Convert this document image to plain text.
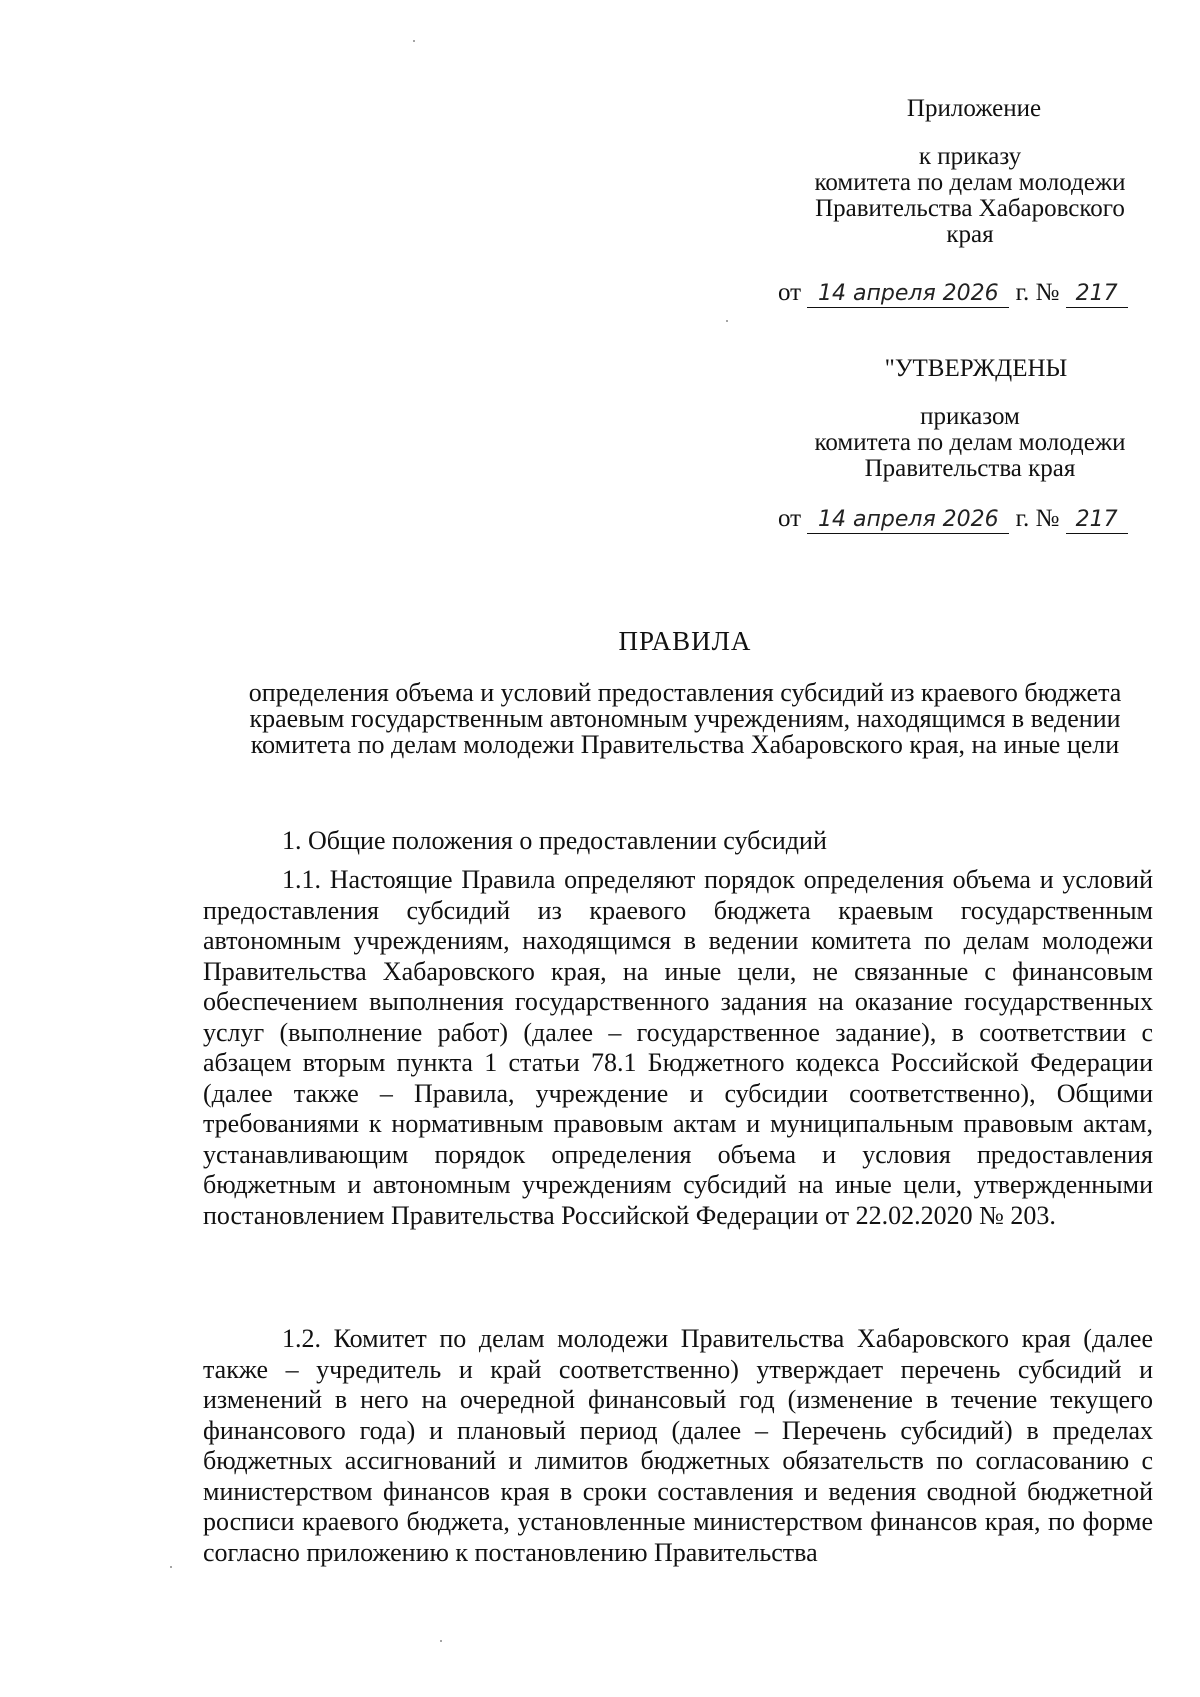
Приложение

к приказу

комитета по делам молодежи

Правительства Хабаровского

края

от 14 апреля 2026 г. № 217

"УТВЕРЖДЕНЫ

приказом

комитета по делам молодежи

Правительства края

от 14 апреля 2026 г. № 217
ПРАВИЛА

определения объема и условий предоставления субсидий из краевого бюджета краевым государственным автономным учреждениям, находящимся в ведении комитета по делам молодежи Правительства Хабаровского края, на иные цели

1. Общие положения о предоставлении субсидий

1.1. Настоящие Правила определяют порядок определения объема и условий предоставления субсидий из краевого бюджета краевым государственным автономным учреждениям, находящимся в ведении комитета по делам молодежи Правительства Хабаровского края, на иные цели, не связанные с финансовым обеспечением выполнения государственного задания на оказание государственных услуг (выполнение работ) (далее – государственное задание), в соответствии с абзацем вторым пункта 1 статьи 78.1 Бюджетного кодекса Российской Федерации (далее также – Правила, учреждение и субсидии соответственно), Общими требованиями к нормативным правовым актам и муниципальным правовым актам, устанавливающим порядок определения объема и условия предоставления бюджетным и автономным учреждениям субсидий на иные цели, утвержденными постановлением Правительства Российской Федерации от 22.02.2020 № 203.

1.2. Комитет по делам молодежи Правительства Хабаровского края (далее также – учредитель и край соответственно) утверждает перечень субсидий и изменений в него на очередной финансовый год (изменение в течение текущего финансового года) и плановый период (далее – Перечень субсидий) в пределах бюджетных ассигнований и лимитов бюджетных обязательств по согласованию с министерством финансов края в сроки составления и ведения сводной бюджетной росписи краевого бюджета, установленные министерством финансов края, по форме согласно приложению к постановлению Правительства
